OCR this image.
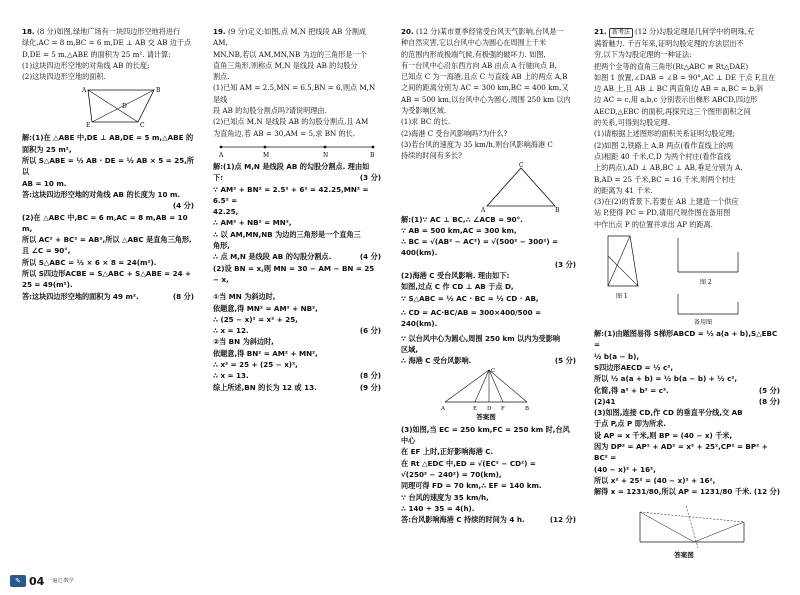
18. (8 分)如图,绿地广场有一块四边形空地将进行

绿化,AC = 8 m,BC = 6 m,DE ⊥ AB 交 AB 边于点

D,DE = 5 m,△ABE 的面积为 25 m². 请计算:

(1)这块四边形空地的对角线 AB 的长度;

(2)这块四边形空地的面积.

A	B
C
D
E

解:(1)在 △ABE 中,DE ⊥ AB,DE = 5 m,△ABE 的

面积为 25 m²,

所以 S△ABE = ½ AB · DE = ½ AB × 5 = 25,所以

AB = 10 m.

答:这块四边形空地的对角线 AB 的长度为 10 m.

(4 分)

(2)在 △ABC 中,BC = 6 m,AC = 8 m,AB = 10 m,

所以 AC² + BC² = AB²,所以 △ABC 是直角三角形,

且 ∠C = 90°,

所以 S△ABC = ½ × 6 × 8 = 24(m²).

所以 S四边形ACBE = S△ABC + S△ABE = 24 + 25 = 49(m²).

答:这块四边形空地的面积为 49 m².	(8 分)

19. (9 分)定义:如图,点 M,N 把线段 AB 分割成 AM,

MN,NB,若以 AM,MN,NB 为边的三角形是一个

直角三角形,则称点 M,N 是线段 AB 的勾股分

割点.

(1)已知 AM = 2.5,MN = 6.5,BN = 6,则点 M,N 是线

段 AB 的勾股分割点吗?请说明理由.

(2)已知点 M,N 是线段 AB 的勾股分割点,且 AM

为直角边,若 AB = 30,AM = 5,求 BN 的长.

A	M	N	B

解:(1)点 M,N 是线段 AB 的勾股分割点. 理由如

下:	(3 分)

∵ AM² + BN² = 2.5² + 6² = 42.25,MN² = 6.5² =

42.25,

∴ AM² + NB² = MN²,

∴ 以 AM,MN,NB 为边的三角形是一个直角三

角形,

∴ 点 M,N 是线段 AB 的勾股分割点.	(4 分)

(2)设 BN = x,则 MN = 30 − AM − BN = 25 − x,

①当 MN 为斜边时,

依题意,得 MN² = AM² + NB²,

∴ (25 − x)² = x² + 25,

∴ x = 12.	(6 分)

②当 BN 为斜边时,

依题意,得 BN² = AM² + MN²,

∴ x² = 25 + (25 − x)²,

∴ x = 13.	(8 分)

综上所述,BN 的长为 12 或 13.	(9 分)

20. (12 分)某市夏季经常受台风天气影响,台风是一

种自然灾害,它以台风中心为圆心在周围上千米

的范围内形成极端气候,有极强的破坏力. 如图,

有一台风中心沿东西方向 AB 由点 A 行驶向点 B,

已知点 C 为一海港,且点 C 与直线 AB 上的两点 A,B

之间的距离分别为 AC = 300 km,BC = 400 km,又

AB = 500 km,以台风中心为圆心,周围 250 km 以内

为受影响区域.

(1)求 BC 的长.

(2)海港 C 受台风影响吗?为什么?

(3)若台风的速度为 35 km/h,则台风影响海港 C

持续的时间有多长?

A	B
C

解:(1)∵ AC ⊥ BC,∴ ∠ACB = 90°.

∵ AB = 500 km,AC = 300 km,

∴ BC = √(AB² − AC²) = √(500² − 300²) = 400(km).

(3 分)

(2)海港 C 受台风影响. 理由如下:

如图,过点 C 作 CD ⊥ AB 于点 D,

∵ S△ABC = ½ AC · BC = ½ CD · AB,

∴ CD = AC·BC/AB = 300×400/500 = 240(km).

∵ 以台风中心为圆心,周围 250 km 以内为受影响

区域,

∴ 海港 C 受台风影响.	(5 分)

A	E D F	B
C
答案图

(3)如图,当 EC = 250 km,FC = 250 km 时,台风中心

在 EF 上时,正好影响海港 C.

在 Rt △EDC 中,ED = √(EC² − CD²) =

√(250² − 240²) = 70(km),

同理可得 FD = 70 km,∴ EF = 140 km.

∵ 台风的速度为 35 km/h,

∴ 140 ÷ 35 = 4(h).

答:台风影响海港 C 持续的时间为 4 h.	(12 分)

21. 新考法 (12 分)勾股定理是几何学中的明珠,充

满着魅力. 千百年来,证明勾股定理的方法层出不

穷,以下为勾股定理的一种证法:

把两个全等的直角三角形(Rt△ABC ≌ Rt△DAE)

如图 1 放置,∠DAB = ∠B = 90°,AC ⊥ DE 于点 F,且在

边 AB 上,且 AB ⊥ BC 两直角边 AB = a,BC = b,斜

边 AC = c,用 a,b,c 分别表示出梯形 ABCD,四边形

AECD,△EBC 的面积,再探究这三个图形面积之间

的关系,可得到勾股定理.

(1)请根据上述图形的面积关系证明勾股定理;

(2)如图 2,铁路上 A,B 两点(看作直线上的两

点)相距 40 千米,C,D 为两个村庄(看作直线

上的两点),AD ⊥ AB,BC ⊥ AB,垂足分别为 A,

B,AD = 25 千米,BC = 16 千米,则两个村庄

的距离为 41 千米.

(3)在(2)的背景下,若要在 AB 上建造一个供应

站 P,使得 PC = PD,请用尺规作图在备用图

中作出点 P 的位置并求出 AP 的距离.

图 1
图 2
备用图

解:(1)由题图易得 S梯形ABCD = ½ a(a + b),S△EBC =

½ b(a − b),

S四边形AECD = ½ c²,

所以 ½ a(a + b) = ½ b(a − b) + ½ c²,

化简,得 a² + b² = c².	(5 分)

(2)41	(8 分)

(3)如图,连接 CD,作 CD 的垂直平分线,交 AB

于点 P,点 P 即为所求.

设 AP = x 千米,则 BP = (40 − x) 千米,

因为 DP² = AP² + AD² = x² + 25²,CP² = BP² + BC² =

(40 − x)² + 16²,

所以 x² + 25² = (40 − x)² + 16²,

解得 x = 1231/80,所以 AP = 1231/80 千米. (12 分)

答案图
✎ 04 一遍过·数学
